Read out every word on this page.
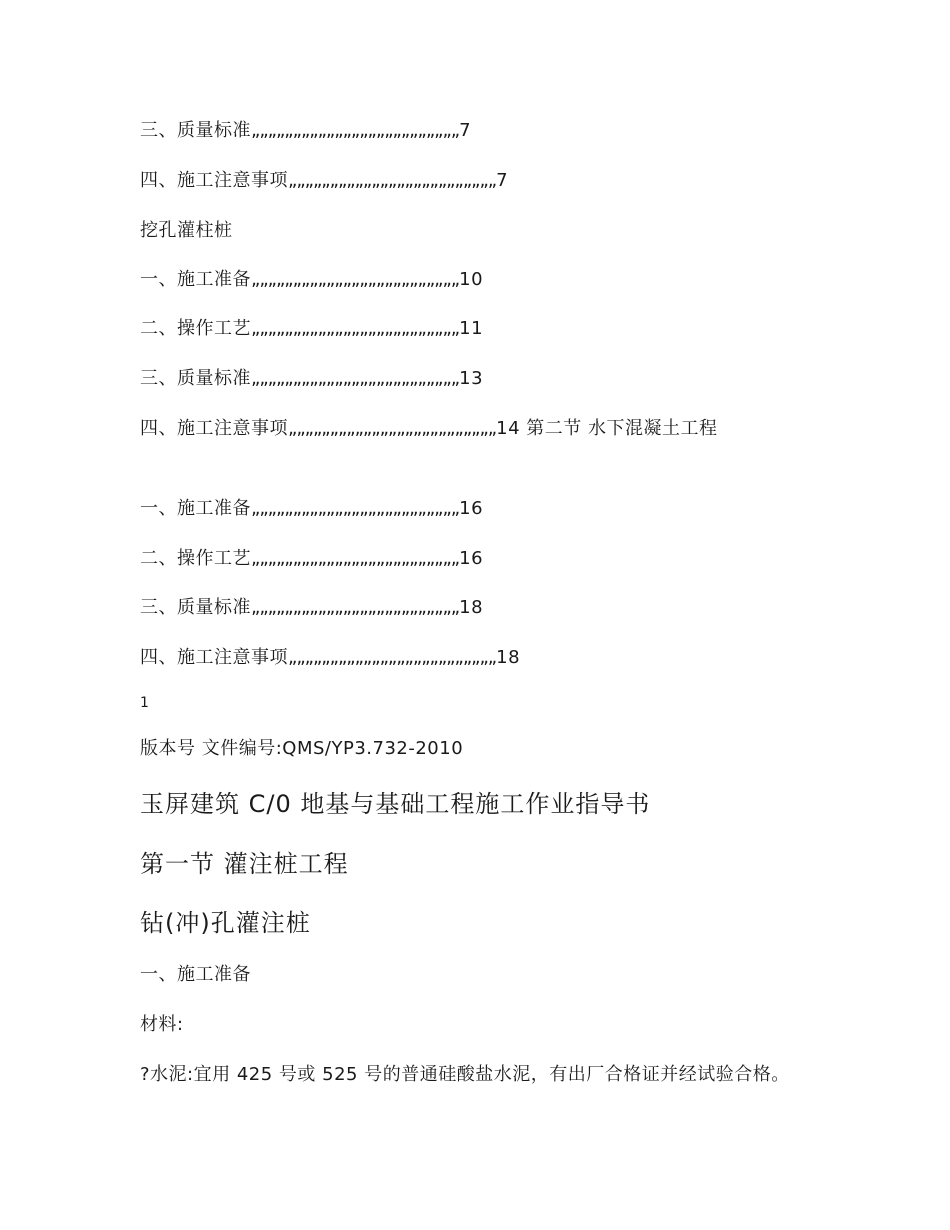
三、质量标准„„„„„„„„„„„„„„„„„„„„„„„„„7
四、施工注意事项„„„„„„„„„„„„„„„„„„„„„„„„„7
挖孔灌柱桩
一、施工准备„„„„„„„„„„„„„„„„„„„„„„„„„10
二、操作工艺„„„„„„„„„„„„„„„„„„„„„„„„„11
三、质量标准„„„„„„„„„„„„„„„„„„„„„„„„„13
四、施工注意事项„„„„„„„„„„„„„„„„„„„„„„„„„14 第二节 水下混凝土工程
一、施工准备„„„„„„„„„„„„„„„„„„„„„„„„„16
二、操作工艺„„„„„„„„„„„„„„„„„„„„„„„„„16
三、质量标准„„„„„„„„„„„„„„„„„„„„„„„„„18
四、施工注意事项„„„„„„„„„„„„„„„„„„„„„„„„„18
1
版本号 文件编号:QMS/YP3.732-2010
玉屏建筑 C/0 地基与基础工程施工作业指导书
第一节 灌注桩工程
钻(冲)孔灌注桩
一、施工准备
材料:
?水泥:宜用 425 号或 525 号的普通硅酸盐水泥，有出厂合格证并经试验合格。
